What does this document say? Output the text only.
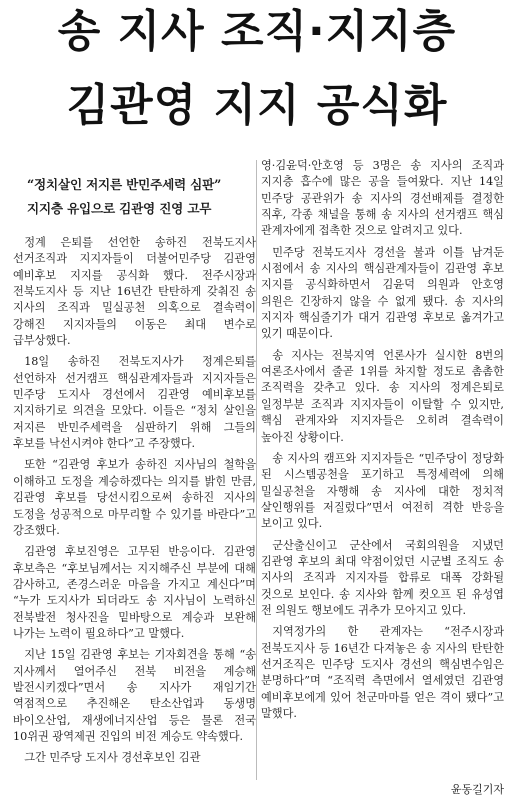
송 지사 조직·지지층
김관영 지지 공식화
“정치살인 저지른 반민주세력 심판”
지지층 유입으로 김관영 진영 고무

정계 은퇴를 선언한 송하진 전북도지사 선거조직과 지지자들이 더불어민주당 김관영 예비후보 지지를 공식화 했다. 전주시장과 전북도지사 등 지난 16년간 탄탄하게 갖춰진 송 지사의 조직과 밀실공천 의혹으로 결속력이 강해진 지지자들의 이동은 최대 변수로 급부상했다.

18일 송하진 전북도지사가 정계은퇴를 선언하자 선거캠프 핵심관계자들과 지지자들은 민주당 도지사 경선에서 김관영 예비후보를 지지하기로 의견을 모았다. 이들은 “정치 살인을 저지른 반민주세력을 심판하기 위해 그들의 후보를 낙선시켜야 한다”고 주장했다.

또한 “김관영 후보가 송하진 지사님의 철학을 이해하고 도정을 계승하겠다는 의지를 밝힌 만큼, 김관영 후보를 당선시킴으로써 송하진 지사의 도정을 성공적으로 마무리할 수 있기를 바란다”고 강조했다.

김관영 후보진영은 고무된 반응이다. 김관영 후보측은 “후보님께서는 지지해주신 부분에 대해 감사하고, 존경스러운 마음을 가지고 계신다”며 “누가 도지사가 되더라도 송 지사님이 노력하신 전북발전 청사진을 밑바탕으로 계승과 보완해 나가는 노력이 필요하다”고 말했다.

지난 15일 김관영 후보는 기자회견을 통해 “송 지사께서 열어주신 전북 비전을 계승해 발전시키겠다”면서 송 지사가 재임기간 역점적으로 추진해온 탄소산업과 동생명 바이오산업, 재생에너지산업 등은 물론 전국 10위권 광역제권 진입의 비전 계승도 약속했다.

그간 민주당 도지사 경선후보인 김관

영·김윤덕·안호영 등 3명은 송 지사의 조직과 지지층 흡수에 많은 공을 들여왔다. 지난 14일 민주당 공관위가 송 지사의 경선배제를 결정한 직후, 각종 채널을 통해 송 지사의 선거캠프 핵심 관계자에게 접촉한 것으로 알려지고 있다.

민주당 전북도지사 경선을 불과 이틀 남겨둔 시점에서 송 지사의 핵심관계자들이 김관영 후보 지지를 공식화하면서 김윤덕 의원과 안호영 의원은 긴장하지 않을 수 없게 됐다. 송 지사의 지지자 핵심줄기가 대거 김관영 후보로 옮겨가고 있기 때문이다.

송 지사는 전북지역 언론사가 실시한 8번의 여론조사에서 줄곧 1위를 차지할 정도로 촘촘한 조직력을 갖추고 있다. 송 지사의 정계은퇴로 일정부분 조직과 지지자들이 이탈할 수 있지만, 핵심 관계자와 지지자들은 오히려 결속력이 높아진 상황이다.

송 지사의 캠프와 지지자들은 “민주당이 정당화 된 시스템공천을 포기하고 특정세력에 의해 밀실공천을 자행해 송 지사에 대한 정치적 살인행위를 저질렀다”면서 여전히 격한 반응을 보이고 있다.

군산출신이고 군산에서 국회의원을 지냈던 김관영 후보의 최대 약점이었던 시군별 조직도 송 지사의 조직과 지지자를 합류로 대폭 강화될 것으로 보인다. 송 지사와 함께 컷오프 된 유성엽 전 의원도 행보에도 귀추가 모아지고 있다.

지역정가의 한 관계자는 “전주시장과 전북도지사 등 16년간 다져놓은 송 지사의 탄탄한 선거조직은 민주당 도지사 경선의 핵심변수임은 분명하다”며 “조직력 측면에서 열세였던 김관영 예비후보에게 있어 천군마마를 얻은 격이 됐다”고 말했다.

윤동길기자
